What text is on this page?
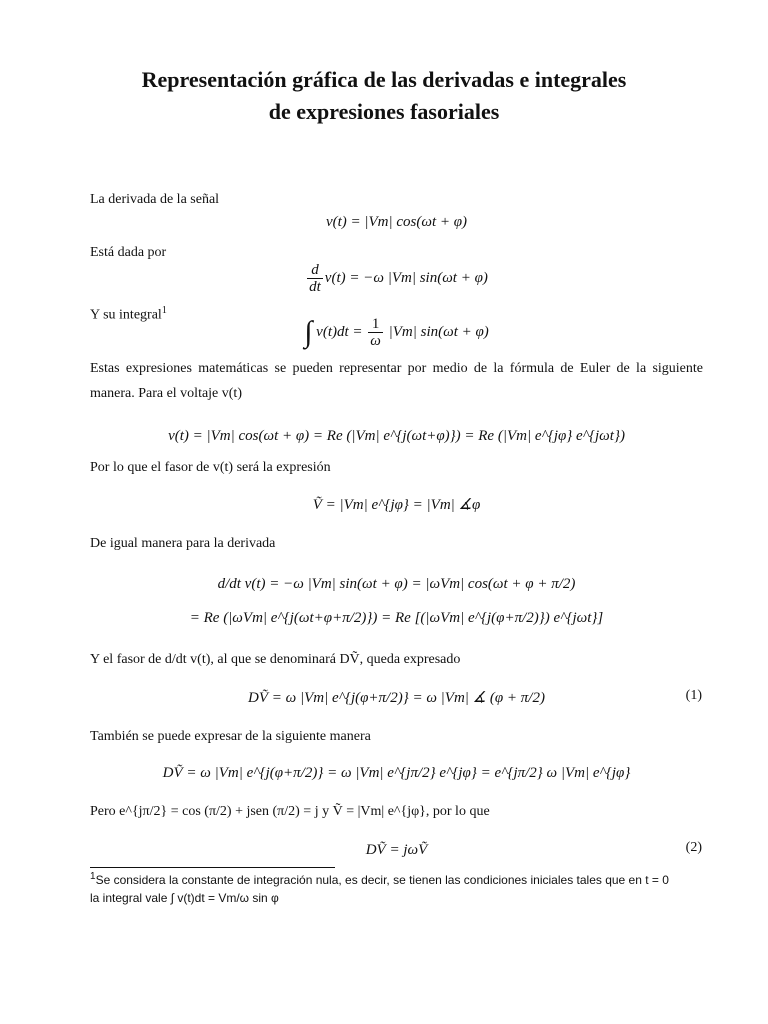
Representación gráfica de las derivadas e integrales
de expresiones fasoriales
La derivada de la señal
v(t) = |Vm| cos(ωt + φ)
Está dada por
$\frac{d}{dt} v(t) = -\omega$ |Vm| sin(ωt + φ)
Y su integral$^1$
∫ $v(t)dt = \frac{1}{\omega} |Vm|$ sin(ωt + φ)
Estas expresiones matemáticas se pueden representar por medio de la fórmula de Euler de la siguiente manera. Para el voltaje v(t)
v(t) = |Vm| cos(ωt + φ) = Re (|Vm| e^{j(ωt+φ)}) = Re (|Vm| e^{jφ} e^{jωt})
Por lo que el fasor de v(t) será la expresión
Ṽ = |Vm| e^{jφ} = |Vm| ∡φ
De igual manera para la derivada
d/dt v(t) = −ω |Vm| sin(ωt + φ) = |ωVm| cos(ωt + φ + π/2)
= Re (|ωVm| e^{j(ωt+φ+π/2)}) = Re [(|ωVm| e^{j(φ+π/2)}) e^{jωt}]
Y el fasor de d/dt v(t), al que se denominará DṼ, queda expresado
DṼ = ω |Vm| e^{j(φ+π/2)} = ω |Vm| ∡ (φ + π/2)	(1)
También se puede expresar de la siguiente manera
DṼ = ω |Vm| e^{j(φ+π/2)} = ω |Vm| e^{jπ/2} e^{jφ} = e^{jπ/2} ω |Vm| e^{jφ}
Pero e^{jπ/2} = cos (π/2) + jsen (π/2) = j y Ṽ = |Vm| e^{jφ}, por lo que
DṼ = jωṼ	(2)
$^1$Se considera la constante de integración nula, es decir, se tienen las condiciones iniciales tales que en t = 0
la integral vale ∫ v(t)dt = Vm/ω sin φ
